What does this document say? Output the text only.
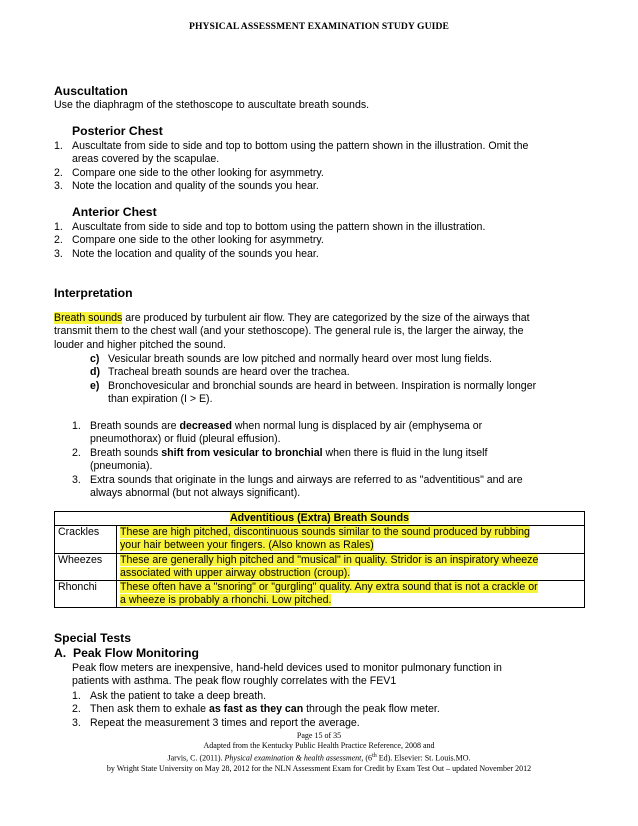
PHYSICAL ASSESSMENT EXAMINATION STUDY GUIDE
Auscultation
Use the diaphragm of the stethoscope to auscultate breath sounds.
Posterior Chest
1. Auscultate from side to side and top to bottom using the pattern shown in the illustration. Omit the
areas covered by the scapulae.
2. Compare one side to the other looking for asymmetry.
3. Note the location and quality of the sounds you hear.
Anterior Chest
1. Auscultate from side to side and top to bottom using the pattern shown in the illustration.
2. Compare one side to the other looking for asymmetry.
3. Note the location and quality of the sounds you hear.
Interpretation
Breath sounds are produced by turbulent air flow. They are categorized by the size of the airways that
transmit them to the chest wall (and your stethoscope). The general rule is, the larger the airway, the
louder and higher pitched the sound.
c) Vesicular breath sounds are low pitched and normally heard over most lung fields.
d) Tracheal breath sounds are heard over the trachea.
e) Bronchovesicular and bronchial sounds are heard in between. Inspiration is normally longer
than expiration (I > E).
1. Breath sounds are decreased when normal lung is displaced by air (emphysema or
pneumothorax) or fluid (pleural effusion).
2. Breath sounds shift from vesicular to bronchial when there is fluid in the lung itself
(pneumonia).
3. Extra sounds that originate in the lungs and airways are referred to as "adventitious" and are
always abnormal (but not always significant).
Adventitious (Extra) Breath Sounds	
Crackles	These are high pitched, discontinuous sounds similar to the sound produced by rubbing
your hair between your fingers. (Also known as Rales)
Wheezes	These are generally high pitched and "musical" in quality. Stridor is an inspiratory wheeze
associated with upper airway obstruction (croup).
Rhonchi	These often have a "snoring" or "gurgling" quality. Any extra sound that is not a crackle or
a wheeze is probably a rhonchi. Low pitched.
Special Tests
A.  Peak Flow Monitoring
Peak flow meters are inexpensive, hand-held devices used to monitor pulmonary function in
patients with asthma. The peak flow roughly correlates with the FEV1
1. Ask the patient to take a deep breath.
2. Then ask them to exhale as fast as they can through the peak flow meter.
3. Repeat the measurement 3 times and report the average.
Page 15 of 35
Adapted from the Kentucky Public Health Practice Reference, 2008 and
Jarvis, C. (2011). Physical examination & health assessment, (6th Ed). Elsevier: St. Louis.MO.
by Wright State University on May 28, 2012 for the NLN Assessment Exam for Credit by Exam Test Out – updated November 2012
